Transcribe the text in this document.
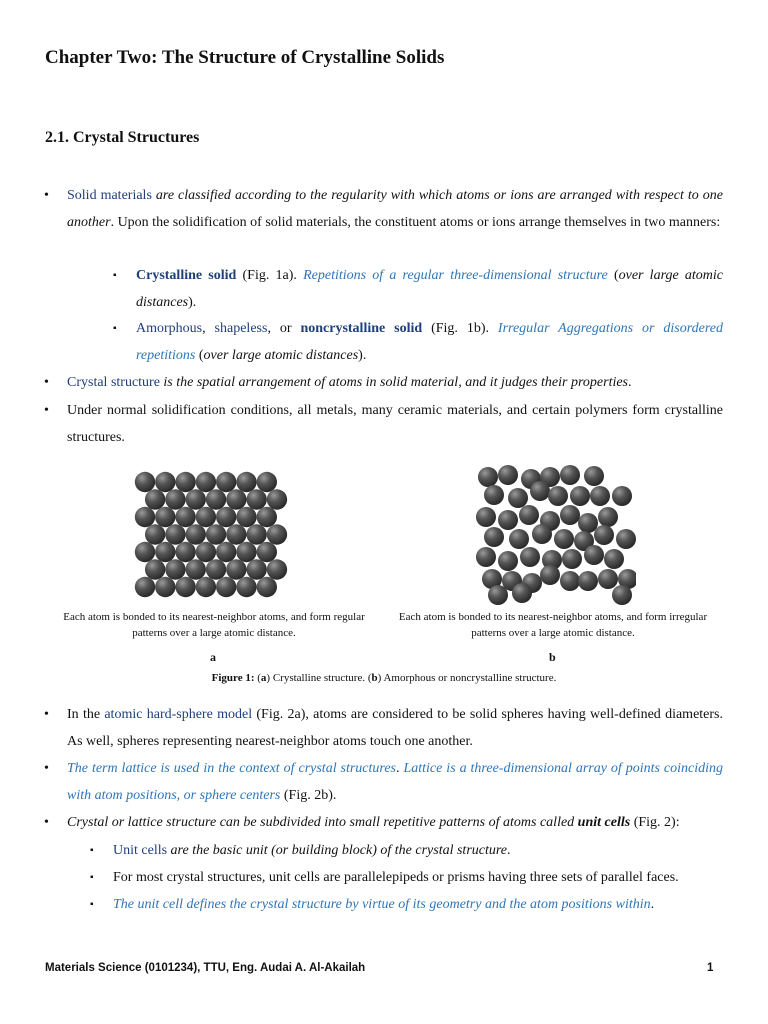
Chapter Two: The Structure of Crystalline Solids
2.1. Crystal Structures
• Solid materials are classified according to the regularity with which atoms or ions are arranged with respect to one another. Upon the solidification of solid materials, the constituent atoms or ions arrange themselves in two manners:
▪ Crystalline solid (Fig. 1a). Repetitions of a regular three-dimensional structure (over large atomic distances).
▪ Amorphous, shapeless, or noncrystalline solid (Fig. 1b). Irregular Aggregations or disordered repetitions (over large atomic distances).
• Crystal structure is the spatial arrangement of atoms in solid material, and it judges their properties.
• Under normal solidification conditions, all metals, many ceramic materials, and certain polymers form crystalline structures.
Each atom is bonded to its nearest-neighbor atoms, and form regular patterns over a large atomic distance.
Each atom is bonded to its nearest-neighbor atoms, and form irregular patterns over a large atomic distance.
a	b
Figure 1: (a) Crystalline structure. (b) Amorphous or noncrystalline structure.
• In the atomic hard-sphere model (Fig. 2a), atoms are considered to be solid spheres having well-defined diameters. As well, spheres representing nearest-neighbor atoms touch one another.
• The term lattice is used in the context of crystal structures. Lattice is a three-dimensional array of points coinciding with atom positions, or sphere centers (Fig. 2b).
• Crystal or lattice structure can be subdivided into small repetitive patterns of atoms called unit cells (Fig. 2):
▪ Unit cells are the basic unit (or building block) of the crystal structure.
▪ For most crystal structures, unit cells are parallelepipeds or prisms having three sets of parallel faces.
▪ The unit cell defines the crystal structure by virtue of its geometry and the atom positions within.
Materials Science (0101234), TTU, Eng. Audai A. Al-Akailah	1
